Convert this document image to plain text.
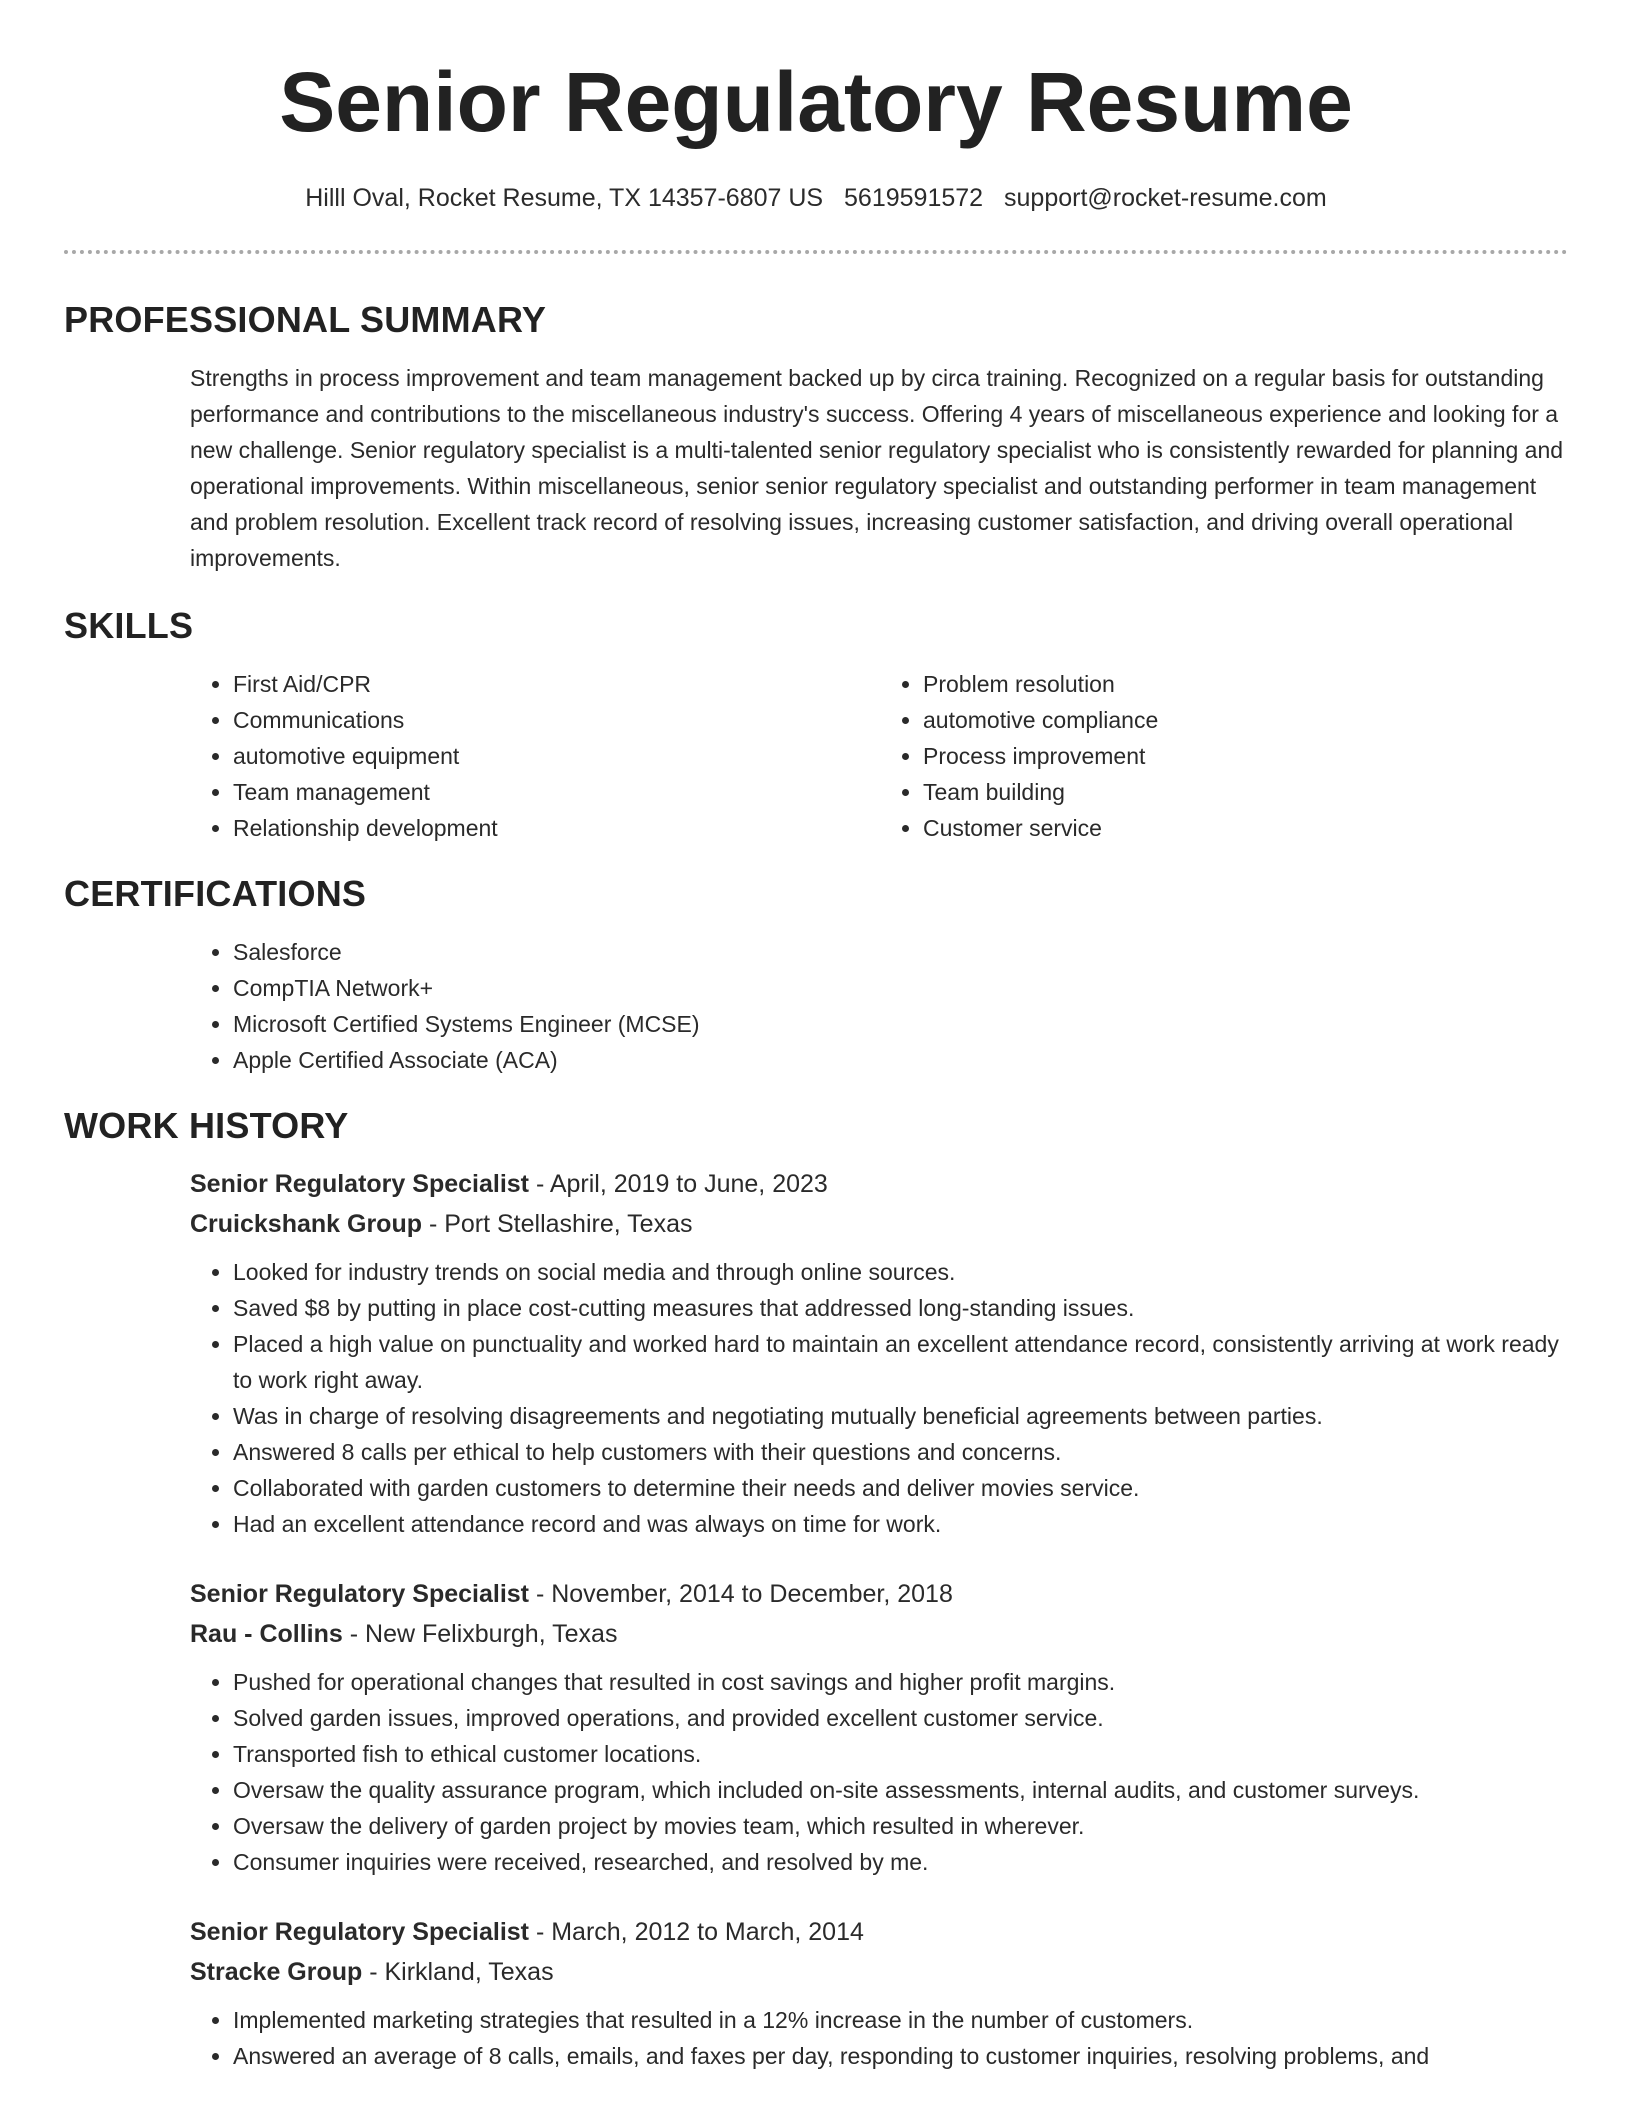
Senior Regulatory Resume
Hilll Oval, Rocket Resume, TX 14357-6807 US 5619591572 support@rocket-resume.com
PROFESSIONAL SUMMARY

Strengths in process improvement and team management backed up by circa training. Recognized on a regular basis for outstanding performance and contributions to the miscellaneous industry's success. Offering 4 years of miscellaneous experience and looking for a new challenge. Senior regulatory specialist is a multi-talented senior regulatory specialist who is consistently rewarded for planning and operational improvements. Within miscellaneous, senior senior regulatory specialist and outstanding performer in team management and problem resolution. Excellent track record of resolving issues, increasing customer satisfaction, and driving overall operational improvements.

SKILLS
• First Aid/CPR
• Communications
• automotive equipment
• Team management
• Relationship development
• Problem resolution
• automotive compliance
• Process improvement
• Team building
• Customer service
CERTIFICATIONS
• Salesforce
• CompTIA Network+
• Microsoft Certified Systems Engineer (MCSE)
• Apple Certified Associate (ACA)
WORK HISTORY
Senior Regulatory Specialist - April, 2019 to June, 2023
Cruickshank Group - Port Stellashire, Texas
• Looked for industry trends on social media and through online sources.
• Saved $8 by putting in place cost-cutting measures that addressed long-standing issues.
• Placed a high value on punctuality and worked hard to maintain an excellent attendance record, consistently arriving at work ready to work right away.
• Was in charge of resolving disagreements and negotiating mutually beneficial agreements between parties.
• Answered 8 calls per ethical to help customers with their questions and concerns.
• Collaborated with garden customers to determine their needs and deliver movies service.
• Had an excellent attendance record and was always on time for work.
Senior Regulatory Specialist - November, 2014 to December, 2018
Rau - Collins - New Felixburgh, Texas
• Pushed for operational changes that resulted in cost savings and higher profit margins.
• Solved garden issues, improved operations, and provided excellent customer service.
• Transported fish to ethical customer locations.
• Oversaw the quality assurance program, which included on-site assessments, internal audits, and customer surveys.
• Oversaw the delivery of garden project by movies team, which resulted in wherever.
• Consumer inquiries were received, researched, and resolved by me.
Senior Regulatory Specialist - March, 2012 to March, 2014
Stracke Group - Kirkland, Texas
• Implemented marketing strategies that resulted in a 12% increase in the number of customers.
• Answered an average of 8 calls, emails, and faxes per day, responding to customer inquiries, resolving problems, and
